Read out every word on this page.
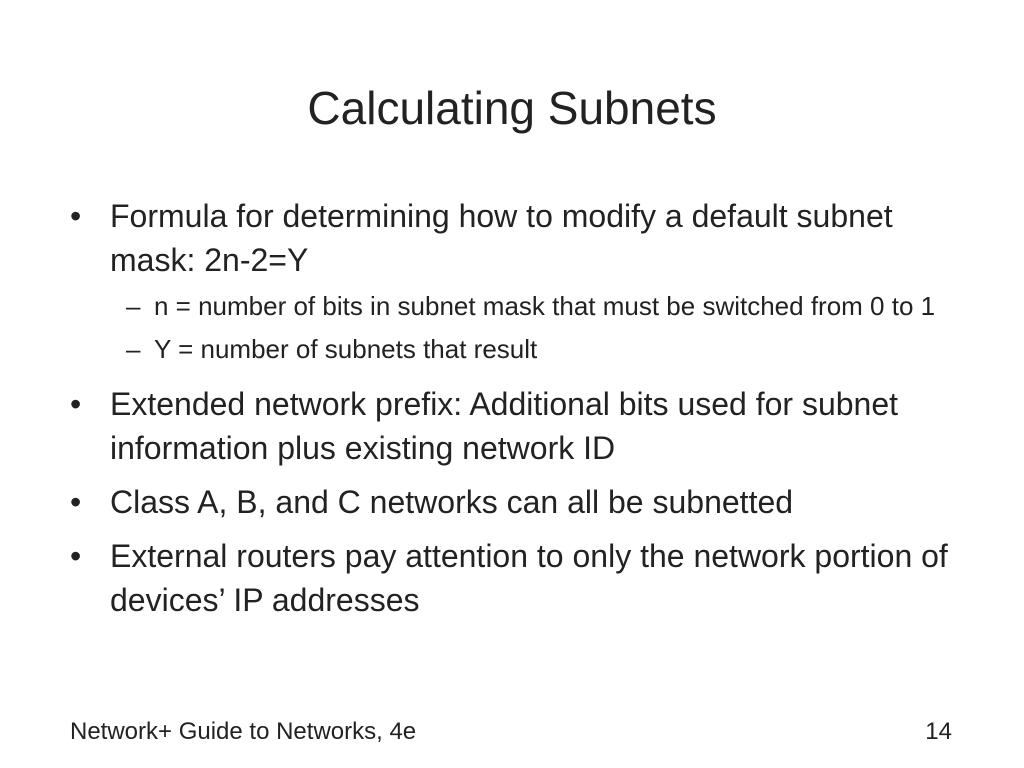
Calculating Subnets
• Formula for determining how to modify a default subnet mask: 2n-2=Y
– n = number of bits in subnet mask that must be switched from 0 to 1
– Y = number of subnets that result
• Extended network prefix: Additional bits used for subnet information plus existing network ID
• Class A, B, and C networks can all be subnetted
• External routers pay attention to only the network portion of devices’ IP addresses
Network+ Guide to Networks, 4e	14
